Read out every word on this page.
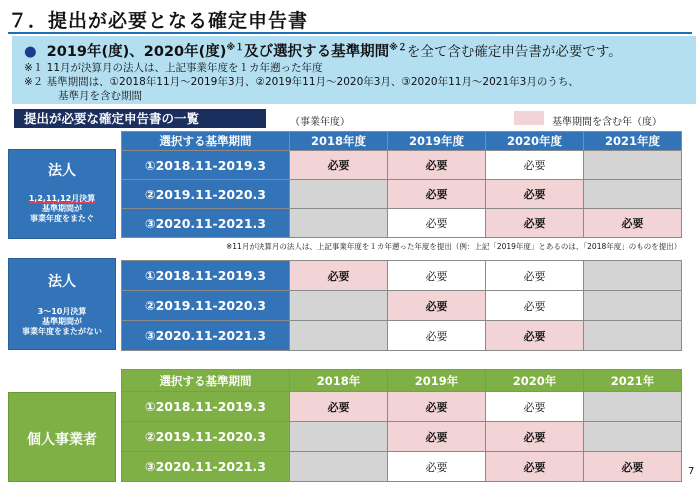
７．提出が必要となる確定申告書
● 2019年(度)、2020年(度)$^{※1}$及び選択する基準期間$^{※2}$を全て含む確定申告書が必要です。
※１ 11月が決算月の法人は、上記事業年度を１カ年遡った年度
※２ 基準期間は、①2018年11月～2019年3月、②2019年11月～2020年3月、③2020年11月～2021年3月のうち、
基準月を含む期間
提出が必要な確定申告書の一覧	（事業年度）	基準期間を含む年（度）
法人
1,2,11,12月決算
基準期間が
事業年度をまたぐ
選択する基準期間	2018年度	2019年度	2020年度	2021年度
①2018.11-2019.3	必要	必要	必要	
②2019.11-2020.3		必要	必要	
③2020.11-2021.3		必要	必要	必要
※11月が決算月の法人は、上記事業年度を１カ年遡った年度を提出（例：上記「2019年度」とあるのは、「2018年度」のものを提出）
法人
3～10月決算
基準期間が
事業年度をまたがない
①2018.11-2019.3	必要	必要	必要	
②2019.11-2020.3		必要	必要	
③2020.11-2021.3		必要	必要	
個人事業者
選択する基準期間	2018年	2019年	2020年	2021年
①2018.11-2019.3	必要	必要	必要	
②2019.11-2020.3		必要	必要	
③2020.11-2021.3		必要	必要	必要	7
